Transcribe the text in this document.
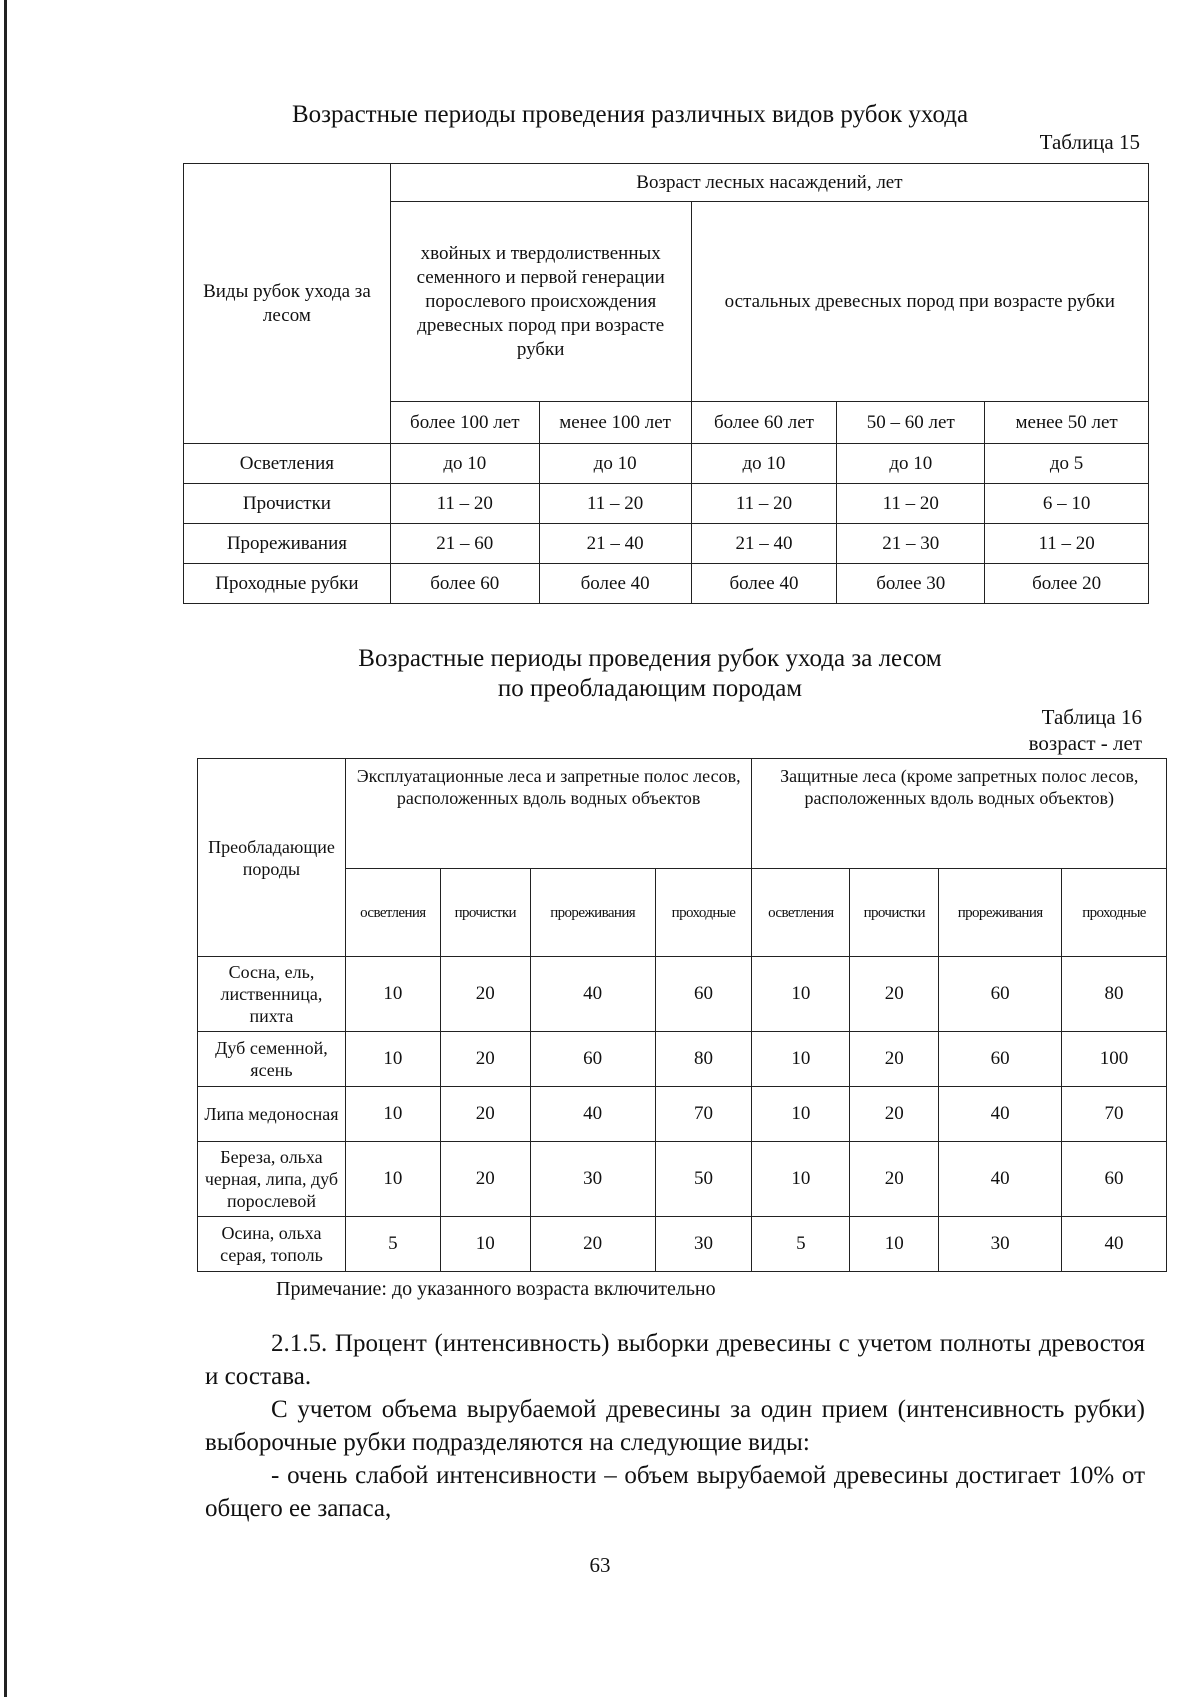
Возрастные периоды проведения различных видов рубок ухода
Таблица 15
Виды рубок ухода за лесом	Возраст лесных насаждений, лет				
	хвойных и твердолиственных семенного и первой генерации порослевого происхождения древесных пород при возрасте рубки		остальных древесных пород при возрасте рубки		
	более 100 лет	менее 100 лет	более 60 лет	50 – 60 лет	менее 50 лет
Осветления	до 10	до 10	до 10	до 10	до 5
Прочистки	11 – 20	11 – 20	11 – 20	11 – 20	6 – 10
Прореживания	21 – 60	21 – 40	21 – 40	21 – 30	11 – 20
Проходные рубки	более 60	более 40	более 40	более 30	более 20
Возрастные периоды проведения рубок ухода за лесом
по преобладающим породам
Таблица 16
возраст - лет
Преобладающие породы	Эксплуатационные леса и запретные полос лесов, расположенных вдоль водных объектов				Защитные леса (кроме запретных полос лесов, расположенных вдоль водных объектов)			
	осветления	прочистки	прореживания	проходные	осветления	прочистки	прореживания	проходные
Сосна, ель, лиственница, пихта	10	20	40	60	10	20	60	80
Дуб семенной, ясень	10	20	60	80	10	20	60	100
Липа медоносная	10	20	40	70	10	20	40	70
Береза, ольха черная, липа, дуб порослевой	10	20	30	50	10	20	40	60
Осина, ольха серая, тополь	5	10	20	30	5	10	30	40
Примечание: до указанного возраста включительно

2.1.5. Процент (интенсивность) выборки древесины с учетом полноты древостоя и состава.

С учетом объема вырубаемой древесины за один прием (интенсивность рубки) выборочные рубки подразделяются на следующие виды:

- очень слабой интенсивности – объем вырубаемой древесины достигает 10% от общего ее запаса,

63
